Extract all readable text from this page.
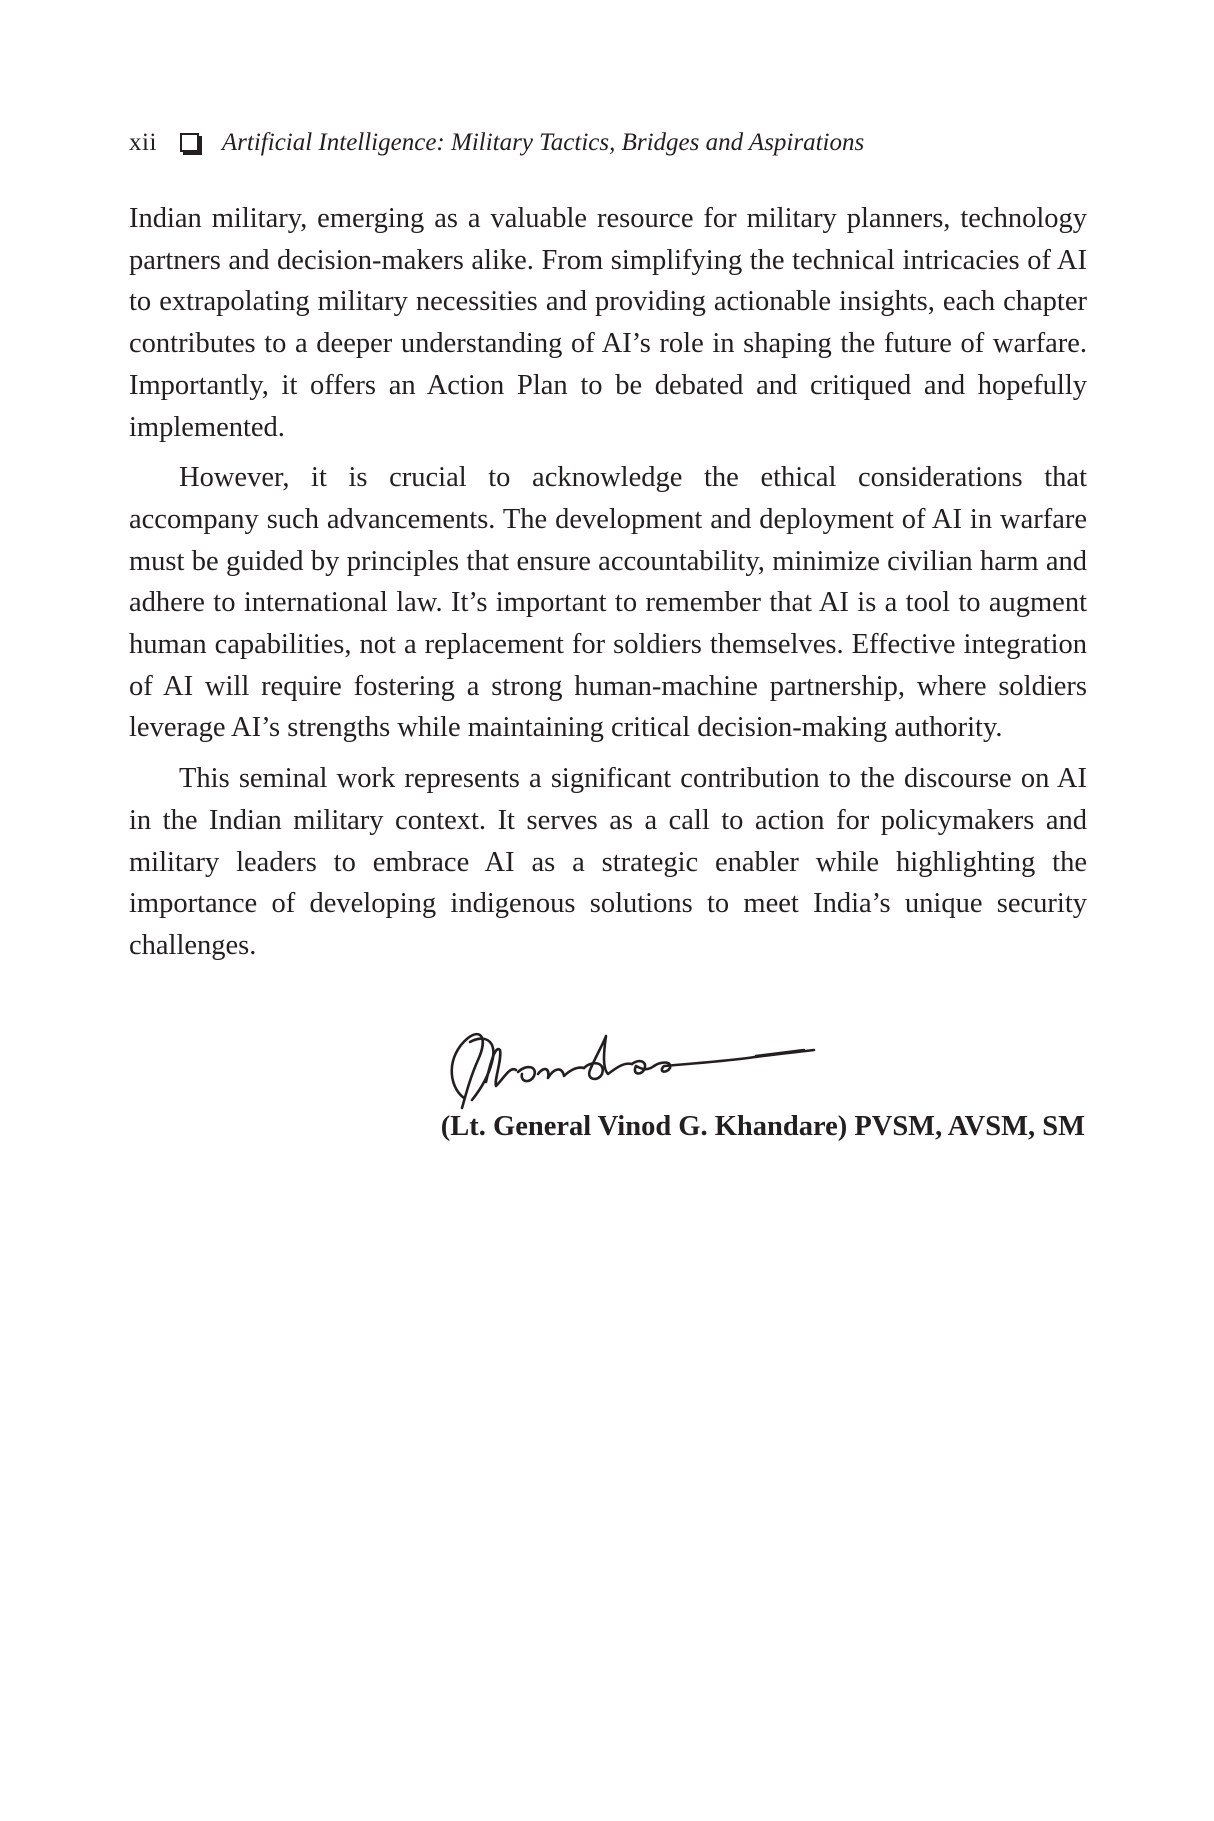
xii	Artificial Intelligence: Military Tactics, Bridges and Aspirations

Indian military, emerging as a valuable resource for military planners, technology partners and decision-makers alike. From simplifying the technical intricacies of AI to extrapolating military necessities and providing actionable insights, each chapter contributes to a deeper understanding of AI’s role in shaping the future of warfare. Importantly, it offers an Action Plan to be debated and critiqued and hopefully implemented.

However, it is crucial to acknowledge the ethical considerations that accompany such advancements. The development and deployment of AI in warfare must be guided by principles that ensure accountability, minimize civilian harm and adhere to international law. It’s important to remember that AI is a tool to augment human capabilities, not a replacement for soldiers themselves. Effective integration of AI will require fostering a strong human-machine partnership, where soldiers leverage AI’s strengths while maintaining critical decision-making authority.

This seminal work represents a significant contribution to the discourse on AI in the Indian military context. It serves as a call to action for policymakers and military leaders to embrace AI as a strategic enabler while highlighting the importance of developing indigenous solutions to meet India’s unique security challenges.

(Lt. General Vinod G. Khandare) PVSM, AVSM, SM
